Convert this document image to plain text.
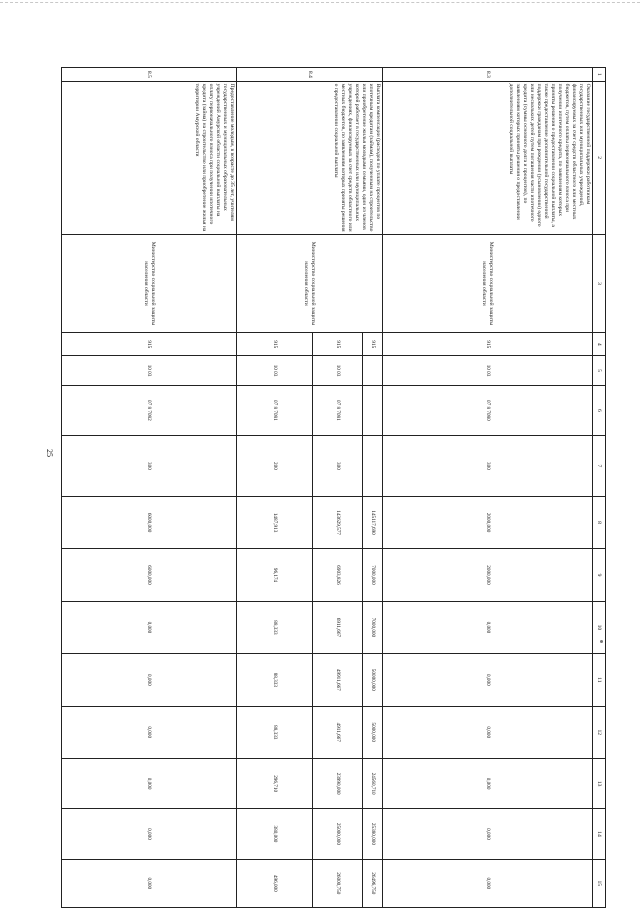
25
1	2	3	4	5	6	7	8	9	10	11	12	13	14	15
8.3	Оказание государственной поддержки работникам государственных или муниципальных учреждений, финансируемых за счет средств областного или местных бюджетов, путем оплаты первоначального взноса при получении ипотечного кредита, по заявлениям которых приняты решения о предоставлении социальной выплаты, а также предоставление дополнительной государственной поддержки гражданам при рождении (усыновлении) одного или нескольких детей путем погашения части ипотечного кредита (суммы основного долга и процентов), по заявлениям которых приняты решения о предоставлении дополнительной социальной выплаты	Министерство социальной защиты населения области	915	10 03	07 8 7080	300	2000,000	2000,000	0,000	0,000	0,000	0,000	0,000	0,000
8.4	Выплата компенсации (расходов по уплате процентов по ипотечным кредитам (займам), полученным на строительство или приобретение жилья молодыми семьями, один из членов которой работает в государственных или муниципальных учреждениях, финансируемых за счет средств областного или местных бюджетов, по заявлениям которых приняты решения о предоставлении социальной выплаты	Министерство социальной защиты населения области	915				145117,690	7000,000	7000,000	50000,000	5000,000	24560,710	25380,000	26496,750
			915	10 03	07 8 7081	300	143629,577	6903,826	6911,667	49911,667	4911,667	23990,000	25000,000	26000,750
			915	10 03	07 8 7081	200	1487,913	96,174	88,333	88,333	88,333	296,710	380,000	496,000
8.5	Предоставление молодым, в возрасте до 35 лет, учителям государственных и муниципальных образовательных учреждений Амурской области социальной выплаты на оплату первоначального взноса при получении ипотечного кредита (займа) на строительство или приобретение жилья на территории Амурской области	Министерство социальной защиты населения области	915	10 03	07 8 7082	300	6000,000	6000,000	0,000	0,000	0,000	0,000	0,000	0,000
